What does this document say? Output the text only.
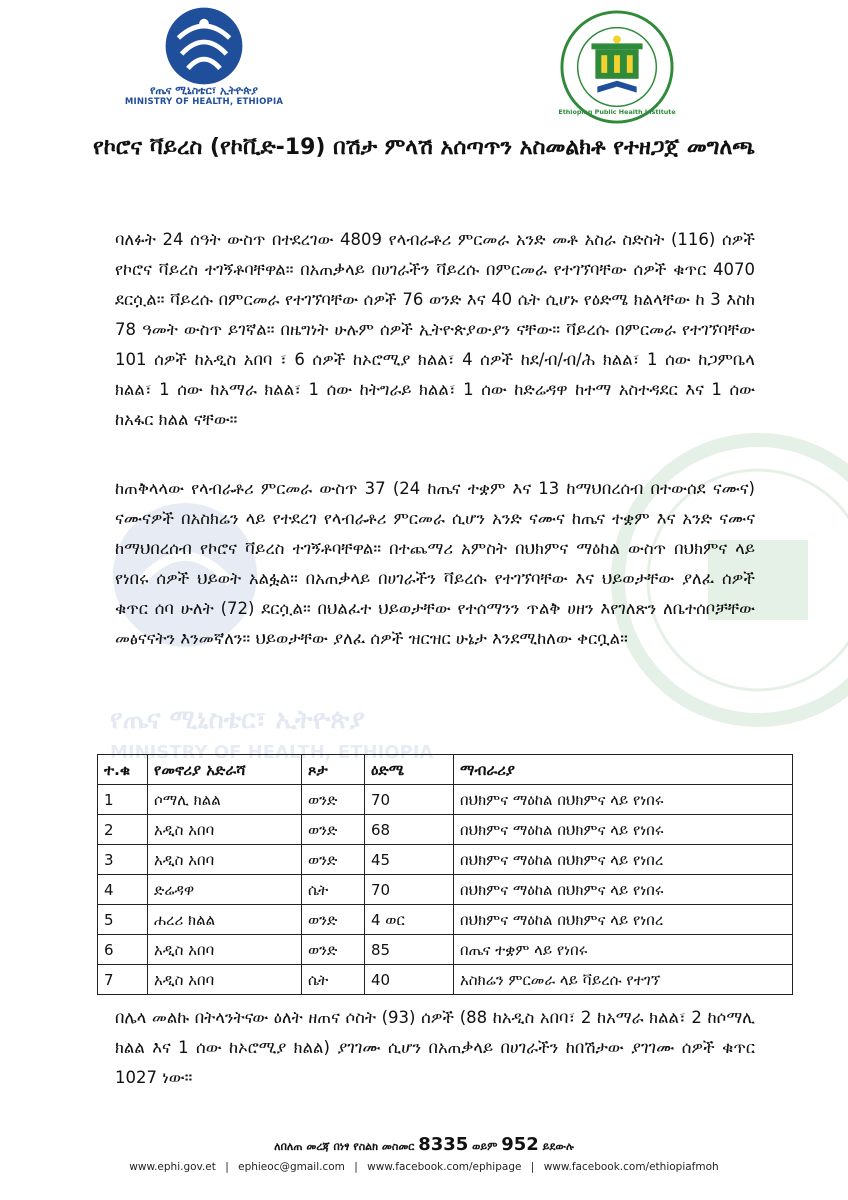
የጤና ሚኒስቴር፣ ኢትዮጵያ
MINISTRY OF HEALTH, ETHIOPIA
የጤና ሚኒስቴር፣ ኢትዮጵያ
MINISTRY OF HEALTH, ETHIOPIA
Ethiopian Public Health Institute
የኮሮና ቫይረስ (የኮቪድ-19) በሽታ ምላሽ አሰጣጥን አስመልክቶ የተዘጋጀ መግለጫ

ባለፉት 24 ሰዓት ውስጥ በተደረገው 4809 የላብራቶሪ ምርመራ አንድ መቶ አስራ ስድስት (116) ሰዎች የኮሮና ቫይረስ ተገኝቶባቸዋል። በአጠቃላይ በሀገራችን ቫይረሱ በምርመራ የተገኘባቸው ሰዎች ቁጥር 4070 ደርሷል። ቫይረሱ በምርመራ የተገኘባቸው ሰዎች 76 ወንድ እና 40 ሴት ሲሆኑ የዕድሜ ክልላቸው ከ 3 እስከ 78 ዓመት ውስጥ ይገኛል። በዜግነት ሁሉም ሰዎች ኢትዮጵያውያን ናቸው። ቫይረሱ በምርመራ የተገኘባቸው 101 ሰዎች ከአዲስ አበባ ፣ 6 ሰዎች ከኦሮሚያ ክልል፣ 4 ሰዎች ከደ/ብ/ብ/ሕ ክልል፣ 1 ሰው ከጋምቤላ ክልል፣ 1 ሰው ከአማራ ክልል፣ 1 ሰው ከትግራይ ክልል፣ 1 ሰው ከድሬዳዋ ከተማ አስተዳደር እና 1 ሰው ከአፋር ክልል ናቸው።

ከጠቅላላው የላብራቶሪ ምርመራ ውስጥ 37 (24 ከጤና ተቋም እና 13 ከማህበረሰብ በተውሰደ ናሙና) ናሙናዎች በአስክሬን ላይ የተደረገ የላብራቶሪ ምርመራ ሲሆን አንድ ናሙና ከጤና ተቋም እና አንድ ናሙና ከማህበረሰብ የኮሮና ቫይረስ ተገኝቶባቸዋል። በተጨማሪ አምስት በህክምና ማዕከል ውስጥ በህክምና ላይ የነበሩ ሰዎች ህይወት አልፏል። በአጠቃላይ በሀገራችን ቫይረሱ የተገኘባቸው እና ህይወታቸው ያለፈ ሰዎች ቁጥር ሰባ ሁለት (72) ደርሷል። በህልፈተ ህይወታቸው የተሰማንን ጥልቅ ሀዘን እየገለጽን ለቤተሰቦቻቸው መፅናናትን እንመኛለን። ህይወታቸው ያለፈ ሰዎች ዝርዝር ሁኔታ እንደሚከለው ቀርቧል።

ተ.ቁ	የመኖሪያ አድራሻ	ጾታ	ዕድሜ	ማብራሪያ
1	ሶማሊ ክልል	ወንድ	70	በህክምና ማዕከል በህክምና ላይ የነበሩ
2	አዲስ አበባ	ወንድ	68	በህክምና ማዕከል በህክምና ላይ የነበሩ
3	አዲስ አበባ	ወንድ	45	በህክምና ማዕከል በህክምና ላይ የነበረ
4	ድሬዳዋ	ሴት	70	በህክምና ማዕከል በህክምና ላይ የነበሩ
5	ሐረሪ ክልል	ወንድ	4 ወር	በህክምና ማዕከል በህክምና ላይ የነበረ
6	አዲስ አበባ	ወንድ	85	በጤና ተቋም ላይ የነበሩ
7	አዲስ አበባ	ሴት	40	አስክሬን ምርመራ ላይ ቫይረሱ የተገኘ

በሌላ መልኩ በትላንትናው ዕለት ዘጠና ሶስት (93) ሰዎች (88 ከአዲስ አበባ፣ 2 ከአማራ ክልል፣ 2 ከሶማሊ ክልል እና 1 ሰው ከኦሮሚያ ክልል) ያገገሙ ሲሆን በአጠቃላይ በሀገራችን ከበሽታው ያገገሙ ሰዎች ቁጥር 1027 ነው።

ለበለጠ መረጃ በነፃ የስልክ መስመር 8335 ወይም 952 ይደውሉ
www.ephi.gov.et | ephieoc@gmail.com | www.facebook.com/ephipage | www.facebook.com/ethiopiafmoh
